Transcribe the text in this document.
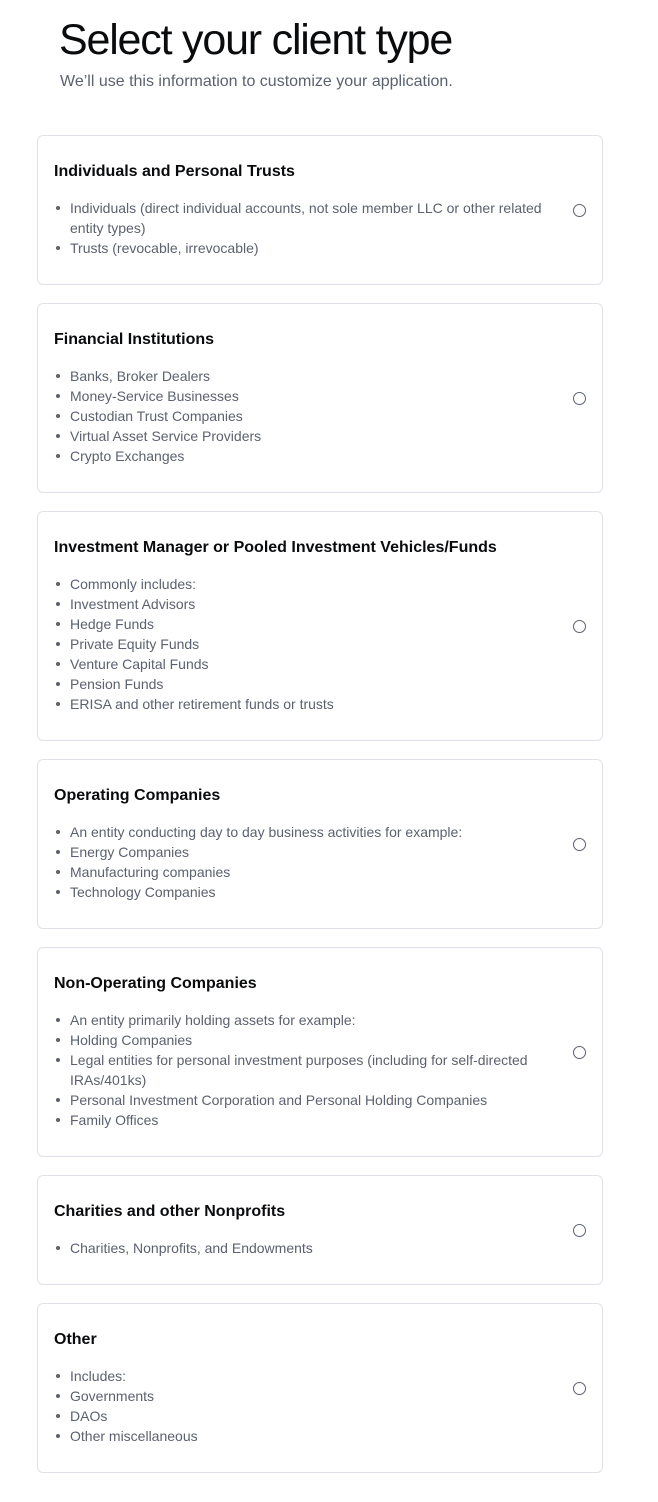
Select your client type

We’ll use this information to customize your application.

Individuals and Personal Trusts
Individuals (direct individual accounts, not sole member LLC or other related entity types)
Trusts (revocable, irrevocable)
Financial Institutions
Banks, Broker Dealers
Money-Service Businesses
Custodian Trust Companies
Virtual Asset Service Providers
Crypto Exchanges
Investment Manager or Pooled Investment Vehicles/Funds
Commonly includes:
Investment Advisors
Hedge Funds
Private Equity Funds
Venture Capital Funds
Pension Funds
ERISA and other retirement funds or trusts
Operating Companies
An entity conducting day to day business activities for example:
Energy Companies
Manufacturing companies
Technology Companies
Non-Operating Companies
An entity primarily holding assets for example:
Holding Companies
Legal entities for personal investment purposes (including for self-directed IRAs/401ks)
Personal Investment Corporation and Personal Holding Companies
Family Offices
Charities and other Nonprofits
Charities, Nonprofits, and Endowments
Other
Includes:
Governments
DAOs
Other miscellaneous
